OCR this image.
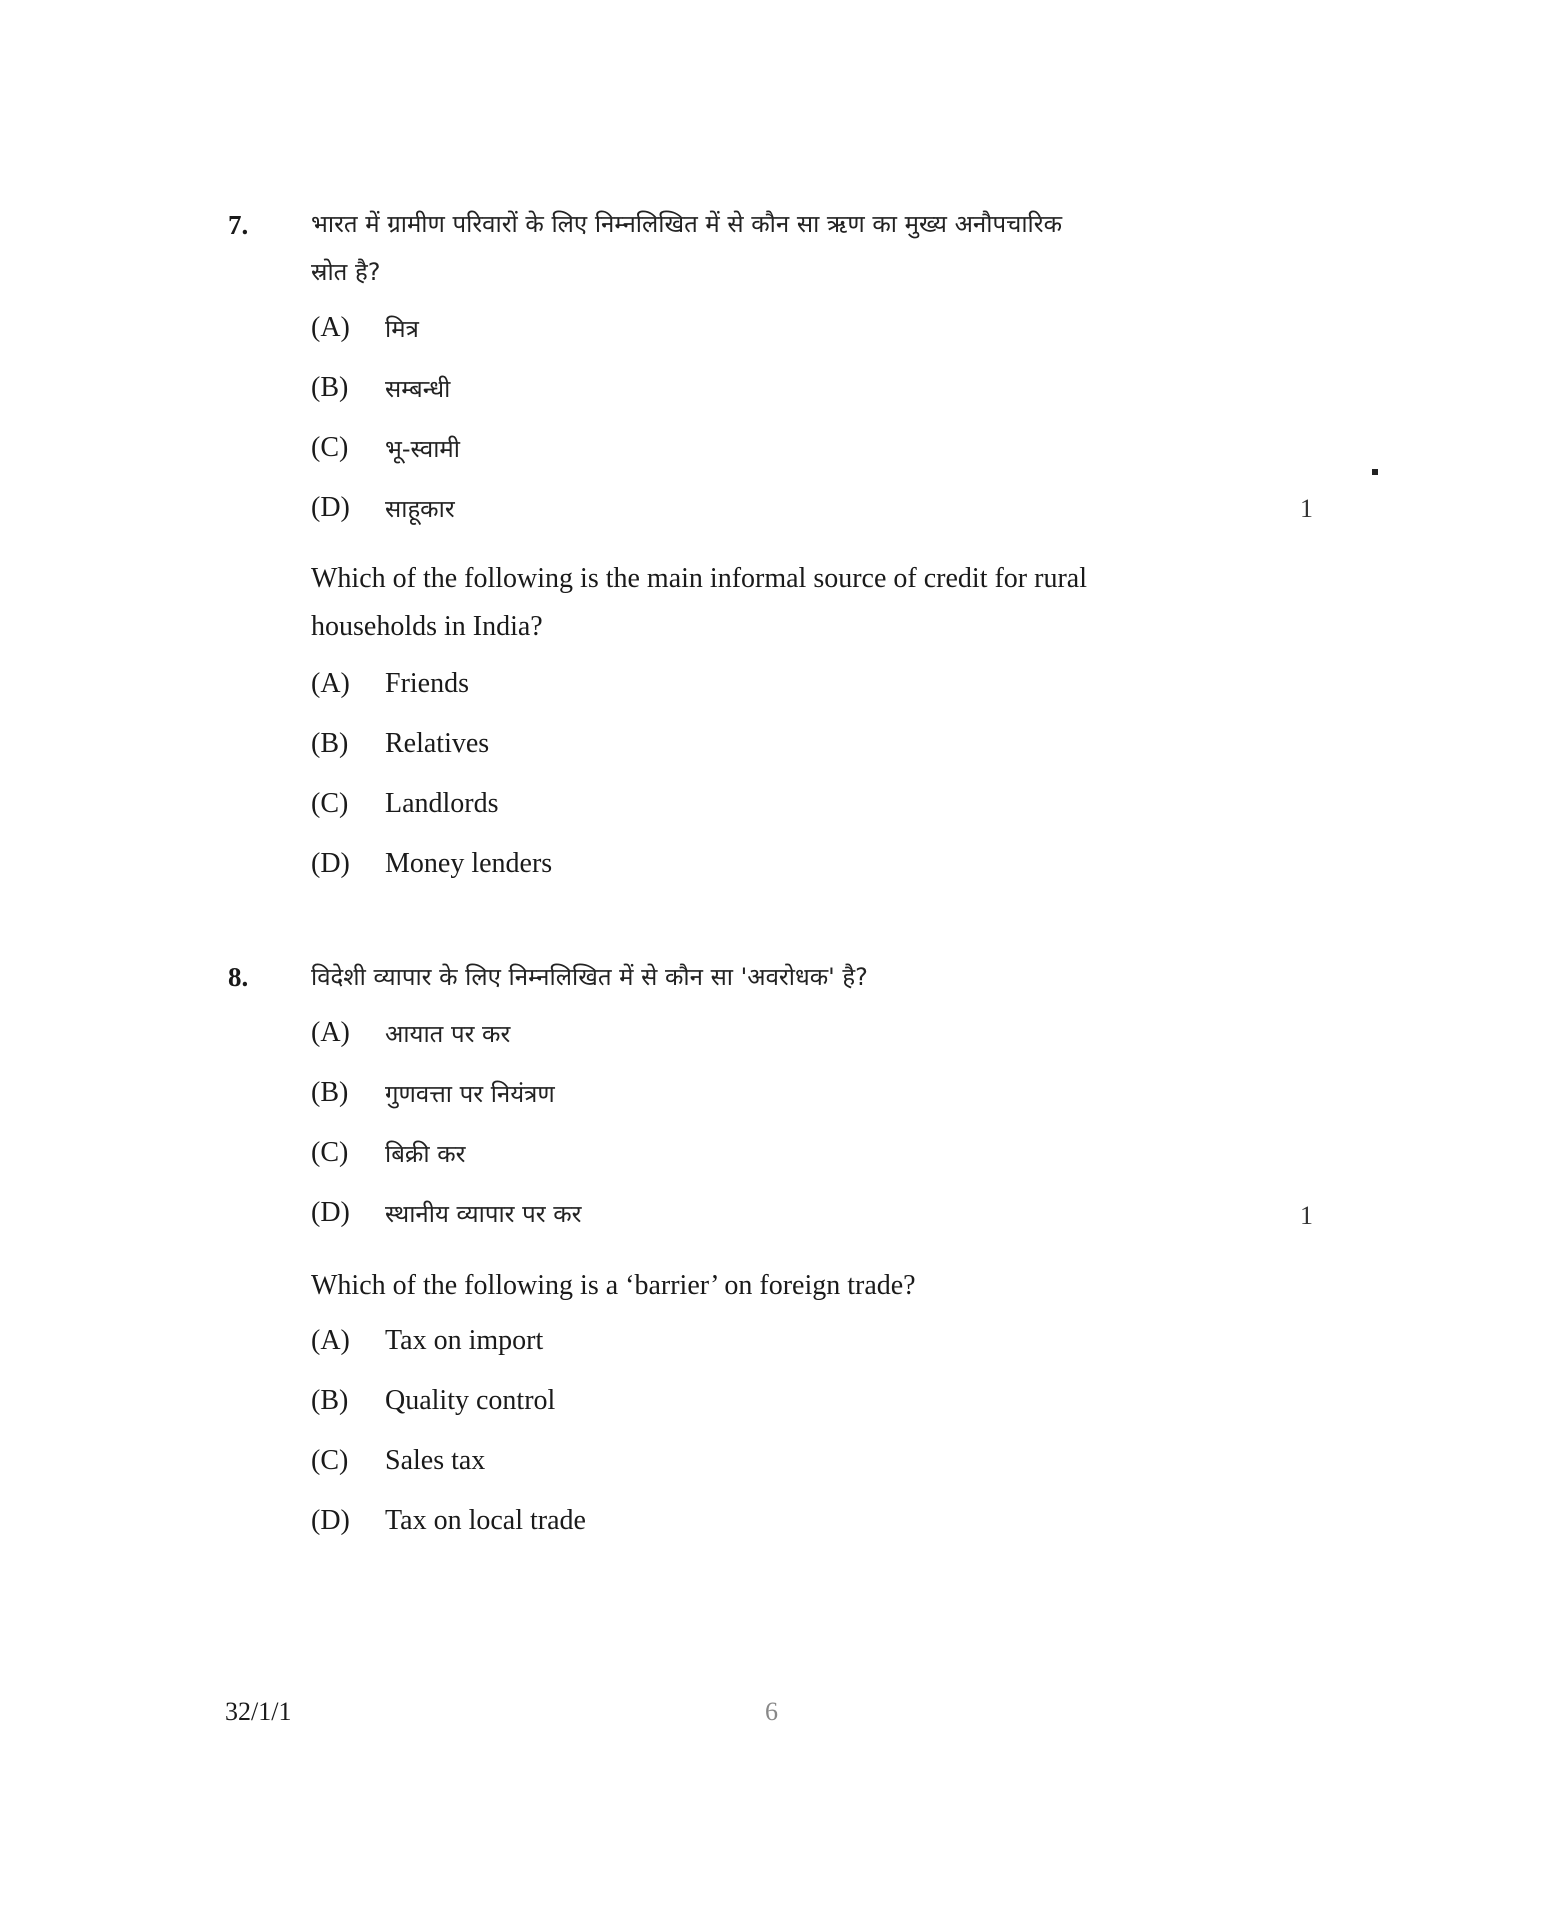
7.	भारत में ग्रामीण परिवारों के लिए निम्नलिखित में से कौन सा ऋण का मुख्य अनौपचारिक
स्रोत है?
(A) मित्र
(B) सम्बन्धी
(C) भू-स्वामी
(D) साहूकार	1
Which of the following is the main informal source of credit for rural
households in India?
(A) Friends
(B) Relatives
(C) Landlords
(D) Money lenders
8.	विदेशी व्यापार के लिए निम्नलिखित में से कौन सा 'अवरोधक' है?
(A) आयात पर कर
(B) गुणवत्ता पर नियंत्रण
(C) बिक्री कर
(D) स्थानीय व्यापार पर कर	1
Which of the following is a ‘barrier’ on foreign trade?
(A) Tax on import
(B) Quality control
(C) Sales tax
(D) Tax on local trade
32/1/1	6
